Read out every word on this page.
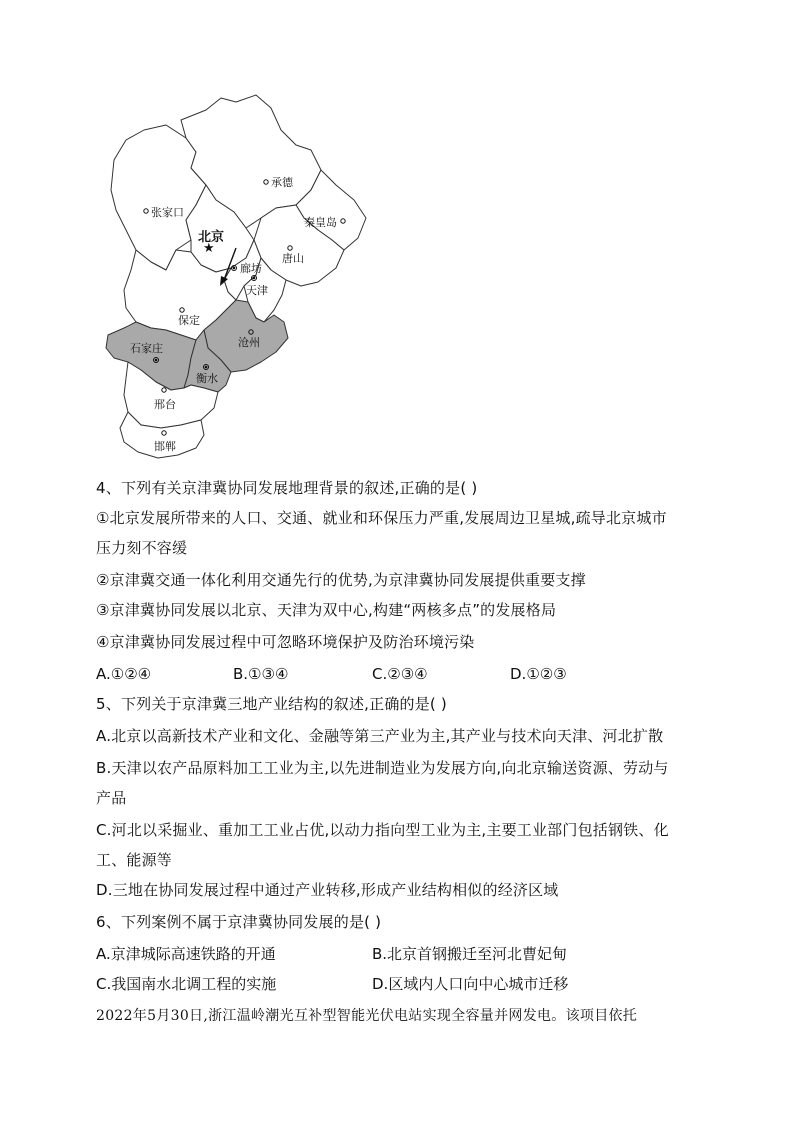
★
承德
张家口
秦皇岛
北京
唐山
廊坊
天津
保定
沧州
石家庄
衡水
邢台
邯郸
4、下列有关京津冀协同发展地理背景的叙述,正确的是( )
①北京发展所带来的人口、交通、就业和环保压力严重,发展周边卫星城,疏导北京城市
压力刻不容缓
②京津冀交通一体化利用交通先行的优势,为京津冀协同发展提供重要支撑
③京津冀协同发展以北京、天津为双中心,构建“两核多点”的发展格局
④京津冀协同发展过程中可忽略环境保护及防治环境污染
A.①②④	B.①③④	C.②③④	D.①②③
5、下列关于京津冀三地产业结构的叙述,正确的是( )
A.北京以高新技术产业和文化、金融等第三产业为主,其产业与技术向天津、河北扩散
B.天津以农产品原料加工工业为主,以先进制造业为发展方向,向北京输送资源、劳动与
产品
C.河北以采掘业、重加工工业占优,以动力指向型工业为主,主要工业部门包括钢铁、化
工、能源等
D.三地在协同发展过程中通过产业转移,形成产业结构相似的经济区域
6、下列案例不属于京津冀协同发展的是( )
A.京津城际高速铁路的开通	B.北京首钢搬迁至河北曹妃甸
C.我国南水北调工程的实施	D.区域内人口向中心城市迁移
2022年5月30日,浙江温岭潮光互补型智能光伏电站实现全容量并网发电。该项目依托
